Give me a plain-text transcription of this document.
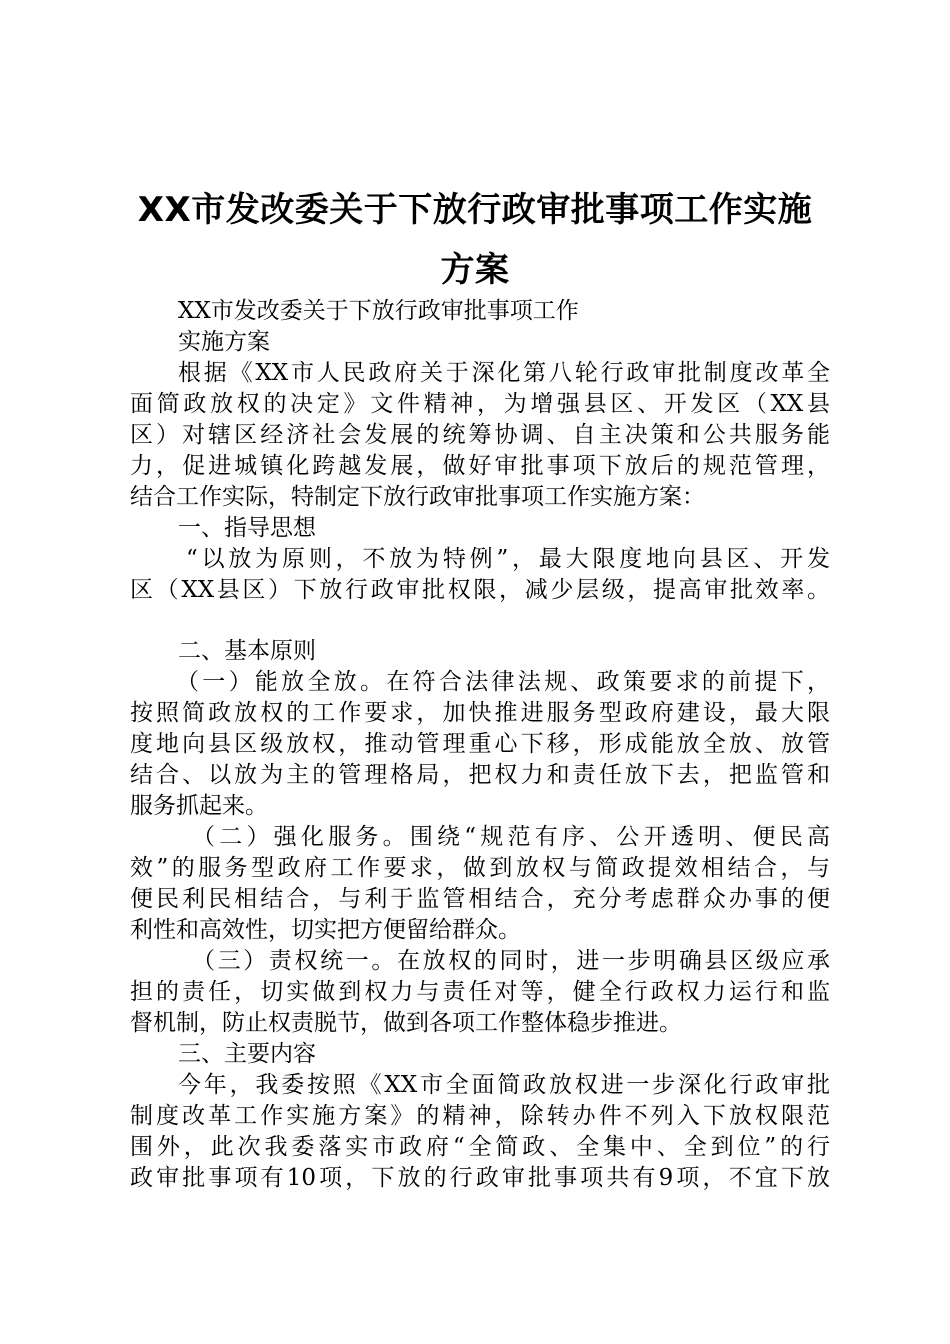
XX市发改委关于下放行政审批事项工作实施
方案
XX市发改委关于下放行政审批事项工作
实施方案
根据《XX市人民政府关于深化第八轮行政审批制度改革全
面简政放权的决定》文件精神，为增强县区、开发区（XX县
区）对辖区经济社会发展的统筹协调、自主决策和公共服务能
力，促进城镇化跨越发展，做好审批事项下放后的规范管理，
结合工作实际，特制定下放行政审批事项工作实施方案：
一、指导思想
“以放为原则，不放为特例”，最大限度地向县区、开发
区（XX县区）下放行政审批权限，减少层级，提高审批效率。
二、基本原则
（一）能放全放。在符合法律法规、政策要求的前提下，
按照简政放权的工作要求，加快推进服务型政府建设，最大限
度地向县区级放权，推动管理重心下移，形成能放全放、放管
结合、以放为主的管理格局，把权力和责任放下去，把监管和
服务抓起来。
（二）强化服务。围绕“规范有序、公开透明、便民高
效”的服务型政府工作要求，做到放权与简政提效相结合，与
便民利民相结合，与利于监管相结合，充分考虑群众办事的便
利性和高效性，切实把方便留给群众。
（三）责权统一。在放权的同时，进一步明确县区级应承
担的责任，切实做到权力与责任对等，健全行政权力运行和监
督机制，防止权责脱节，做到各项工作整体稳步推进。
三、主要内容
今年，我委按照《XX市全面简政放权进一步深化行政审批
制度改革工作实施方案》的精神，除转办件不列入下放权限范
围外，此次我委落实市政府“全简政、全集中、全到位”的行
政审批事项有10项，下放的行政审批事项共有9项，不宜下放
